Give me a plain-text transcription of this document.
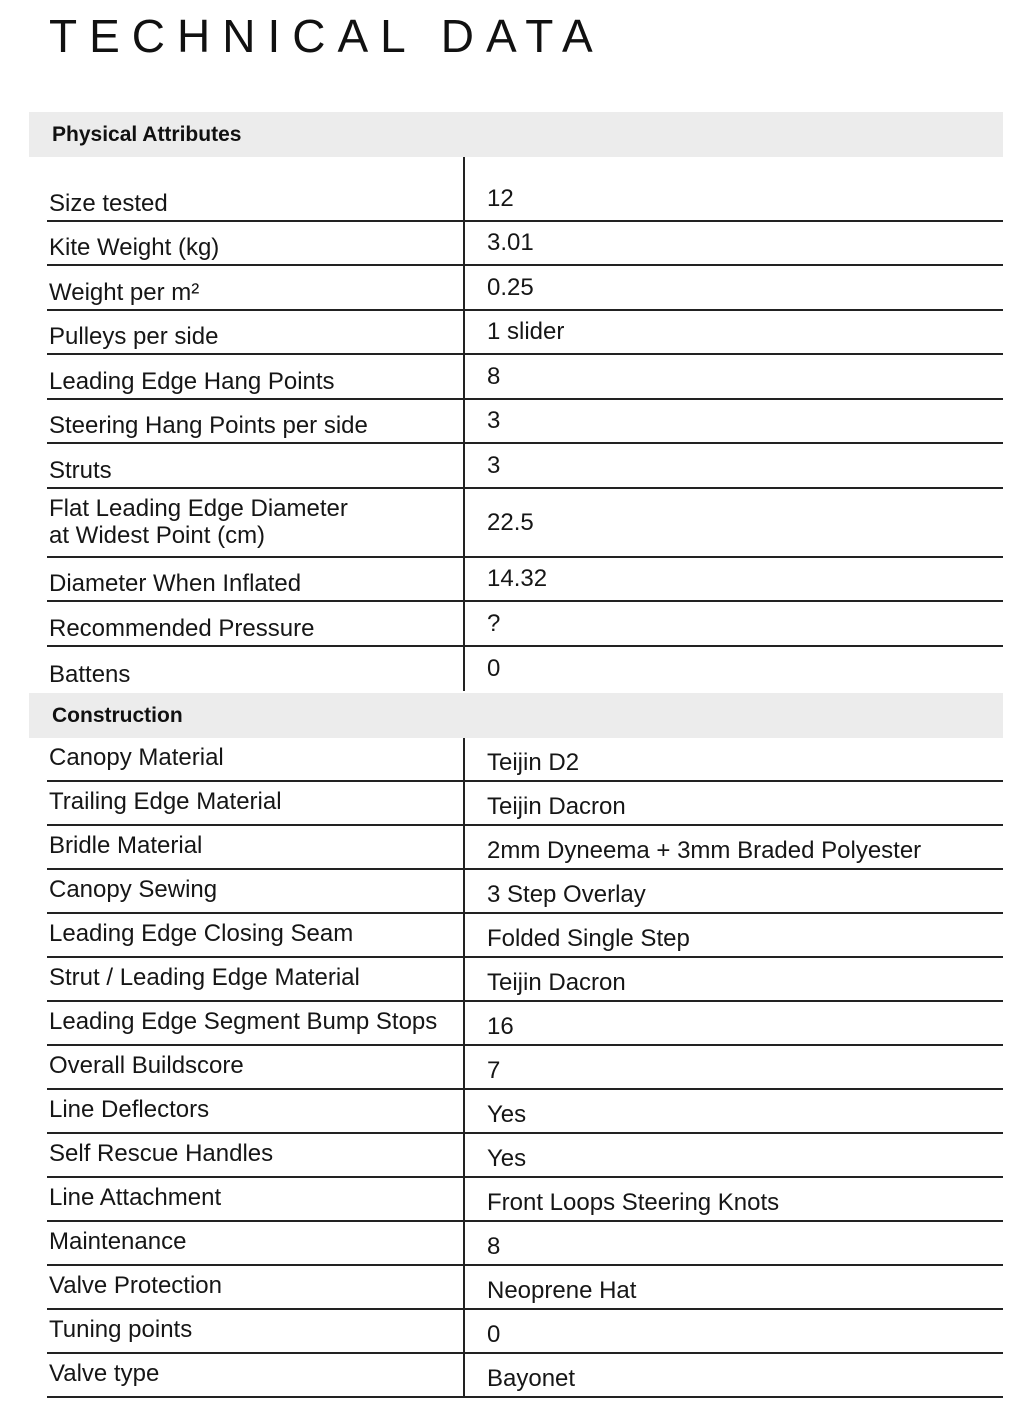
TECHNICAL DATA
Physical Attributes
Size tested	12
Kite Weight (kg)	3.01
Weight per m²	0.25
Pulleys per side	1 slider
Leading Edge Hang Points	8
Steering Hang Points per side	3
Struts	3
Flat Leading Edge Diameter
at Widest Point (cm)	22.5
Diameter When Inflated	14.32
Recommended Pressure	?
Battens	0
Construction
Canopy Material	Teijin D2
Trailing Edge Material	Teijin Dacron
Bridle Material	2mm Dyneema + 3mm Braded Polyester
Canopy Sewing	3 Step Overlay
Leading Edge Closing Seam	Folded Single Step
Strut / Leading Edge Material	Teijin Dacron
Leading Edge Segment Bump Stops	16
Overall Buildscore	7
Line Deflectors	Yes
Self Rescue Handles	Yes
Line Attachment	Front Loops Steering Knots
Maintenance	8
Valve Protection	Neoprene Hat
Tuning points	0
Valve type	Bayonet
